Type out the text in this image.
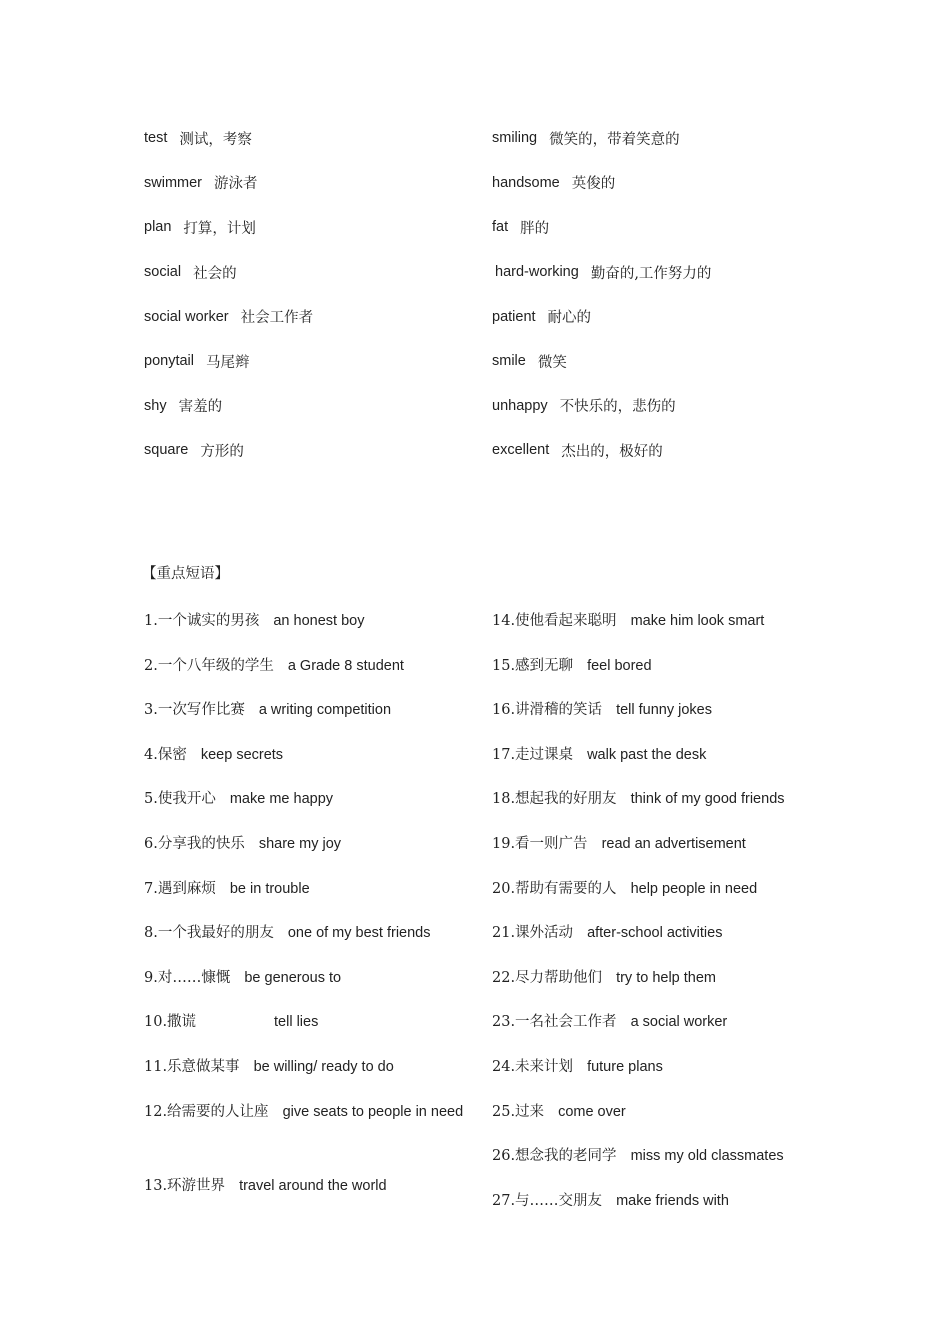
test 测试，考察
swimmer 游泳者
plan 打算，计划
social 社会的
social worker 社会工作者
ponytail 马尾辫
shy 害羞的
square 方形的
smiling 微笑的，带着笑意的
handsome 英俊的
fat 胖的
hard-working 勤奋的,工作努力的
patient 耐心的
smile 微笑
unhappy 不快乐的，悲伤的
excellent 杰出的，极好的
【重点短语】
1.一个诚实的男孩 an honest boy
2.一个八年级的学生 a Grade 8 student
3.一次写作比赛 a writing competition
4.保密 keep secrets
5.使我开心 make me happy
6.分享我的快乐 share my joy
7.遇到麻烦 be in trouble
8.一个我最好的朋友 one of my best friends
9.对……慷慨 be generous to
10.撒谎	tell lies
11.乐意做某事 be willing/ ready to do
12.给需要的人让座 give seats to people in need
13.环游世界 travel around the world
14.使他看起来聪明 make him look smart
15.感到无聊 feel bored
16.讲滑稽的笑话 tell funny jokes
17.走过课桌 walk past the desk
18.想起我的好朋友 think of my good friends
19.看一则广告 read an advertisement
20.帮助有需要的人 help people in need
21.课外活动 after-school activities
22.尽力帮助他们 try to help them
23.一名社会工作者 a social worker
24.未来计划 future plans
25.过来 come over
26.想念我的老同学 miss my old classmates
27.与……交朋友 make friends with
